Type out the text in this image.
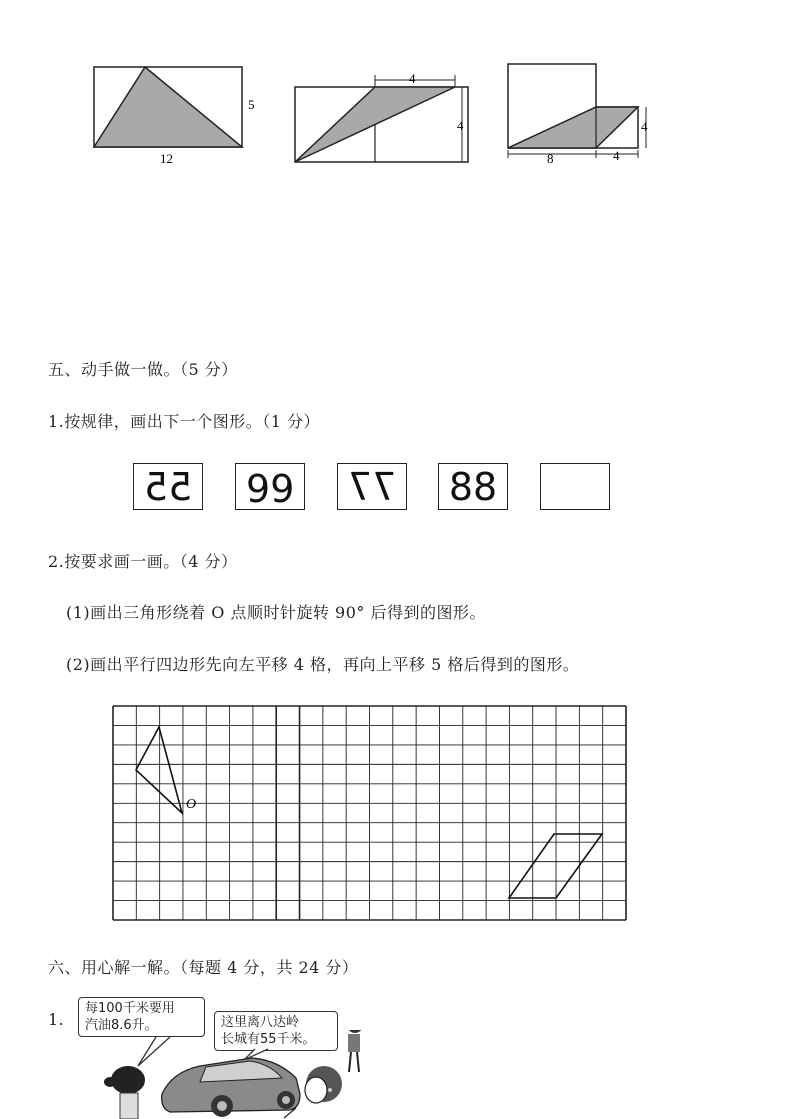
5
12
4
4
8	4
4
五、动手做一做。（5 分）
1.按规律，画出下一个图形。（1 分）
55 66 77 88
2.按要求画一画。（4 分）
(1)画出三角形绕着 O 点顺时针旋转 90° 后得到的图形。
(2)画出平行四边形先向左平移 4 格，再向上平移 5 格后得到的图形。
O
六、用心解一解。（每题 4 分，共 24 分）
1.
每100千米要用
汽油8.6升。	这里离八达岭
长城有55千米。
